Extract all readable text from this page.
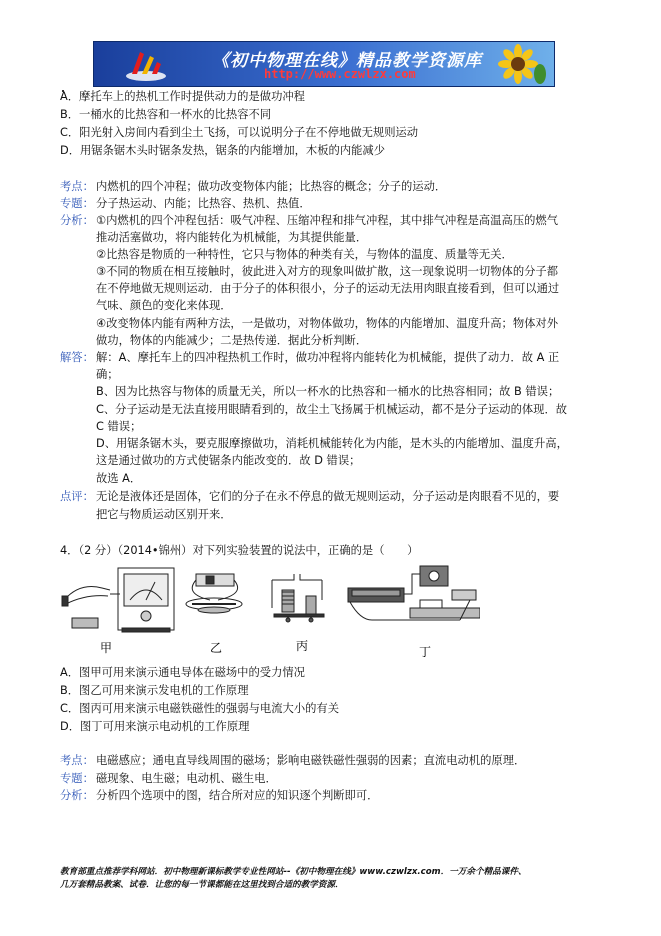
《初中物理在线》精品教学资源库
http://www.czwlzx.com
A．摩托车上的热机工作时提供动力的是做功冲程
B．一桶水的比热容和一杯水的比热容不同
C．阳光射入房间内看到尘土飞扬，可以说明分子在不停地做无规则运动
D．用锯条锯木头时锯条发热，锯条的内能增加，木板的内能减少
考点： 内燃机的四个冲程；做功改变物体内能；比热容的概念；分子的运动．
专题： 分子热运动、内能；比热容、热机、热值．
分析： ①内燃机的四个冲程包括：吸气冲程、压缩冲程和排气冲程，其中排气冲程是高温高压的燃气
推动活塞做功，将内能转化为机械能，为其提供能量．
②比热容是物质的一种特性，它只与物体的种类有关，与物体的温度、质量等无关．
③不同的物质在相互接触时，彼此进入对方的现象叫做扩散，这一现象说明一切物体的分子都
在不停地做无规则运动．由于分子的体积很小，分子的运动无法用肉眼直接看到，但可以通过
气味、颜色的变化来体现．
④改变物体内能有两种方法，一是做功，对物体做功，物体的内能增加、温度升高；物体对外
做功，物体的内能减少；二是热传递．据此分析判断．
解答： 解：A、摩托车上的四冲程热机工作时，做功冲程将内能转化为机械能，提供了动力．故 A 正
确；
B、因为比热容与物体的质量无关，所以一杯水的比热容和一桶水的比热容相同；故 B 错误；
C、分子运动是无法直接用眼睛看到的，故尘土飞扬属于机械运动，都不是分子运动的体现．故
C 错误；
D、用锯条锯木头，要克服摩擦做功，消耗机械能转化为内能，是木头的内能增加、温度升高，
这是通过做功的方式使锯条内能改变的．故 D 错误；
故选 A．
点评： 无论是液体还是固体，它们的分子在永不停息的做无规则运动，分子运动是肉眼看不见的，要
把它与物质运动区别开来．
4．（2 分）（2014•锦州）对下列实验装置的说法中，正确的是（　　）
甲	乙	丙	丁
A．图甲可用来演示通电导体在磁场中的受力情况
B．图乙可用来演示发电机的工作原理
C．图丙可用来演示电磁铁磁性的强弱与电流大小的有关
D．图丁可用来演示电动机的工作原理
考点： 电磁感应；通电直导线周围的磁场；影响电磁铁磁性强弱的因素；直流电动机的原理．
专题： 磁现象、电生磁；电动机、磁生电．
分析： 分析四个选项中的图，结合所对应的知识逐个判断即可．
教育部重点推荐学科网站．初中物理新课标教学专业性网站--《初中物理在线》www.czwlzx.com．一万余个精品课件、
几万套精品教案、试卷．让您的每一节课都能在这里找到合适的教学资源．
